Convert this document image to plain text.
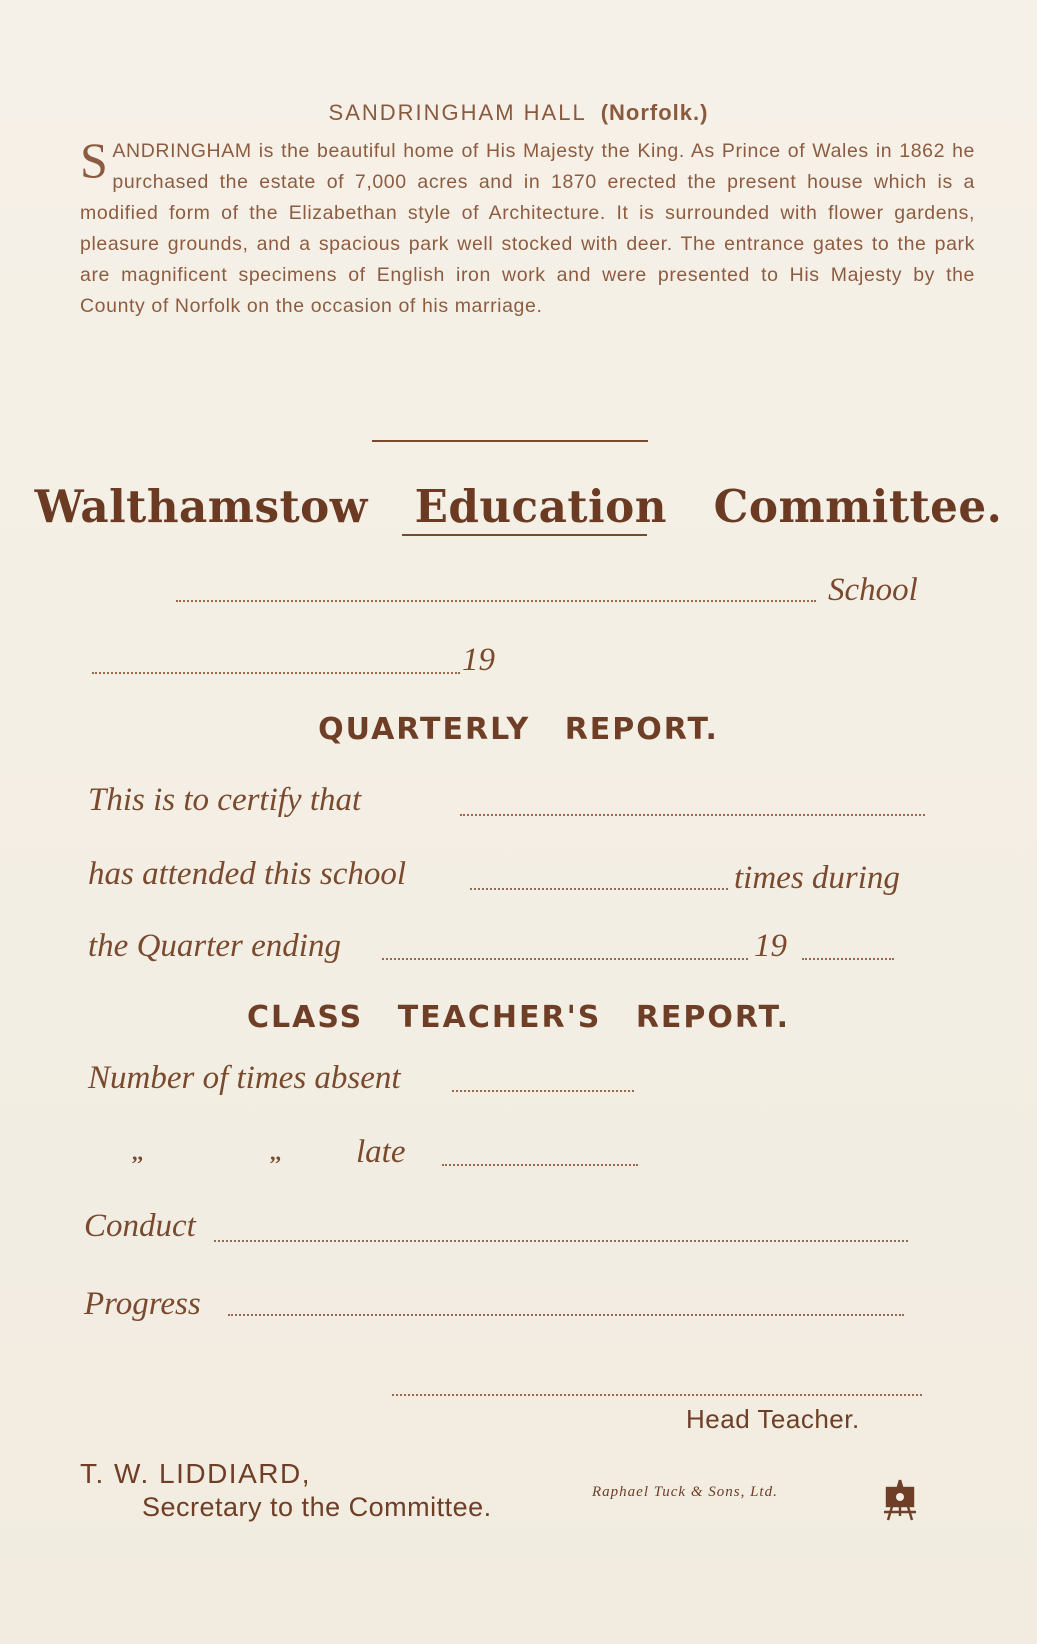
SANDRINGHAM HALL (Norfolk.)
SANDRINGHAM is the beautiful home of His Majesty the King. As Prince of Wales in 1862 he purchased the estate of 7,000 acres and in 1870 erected the present house which is a modified form of the Elizabethan style of Architecture. It is surrounded with flower gardens, pleasure grounds, and a spacious park well stocked with deer. The entrance gates to the park are magnificent specimens of English iron work and were presented to His Majesty by the County of Norfolk on the occasion of his marriage.
Walthamstow Education Committee.
School
19
QUARTERLY REPORT.
This is to certify that
has attended this school	times during
the Quarter ending	19
CLASS TEACHER'S REPORT.
Number of times absent
,,	,, late
Conduct
Progress
Head Teacher.
T. W. LIDDIARD,
Secretary to the Committee.	Raphael Tuck & Sons, Ltd.
